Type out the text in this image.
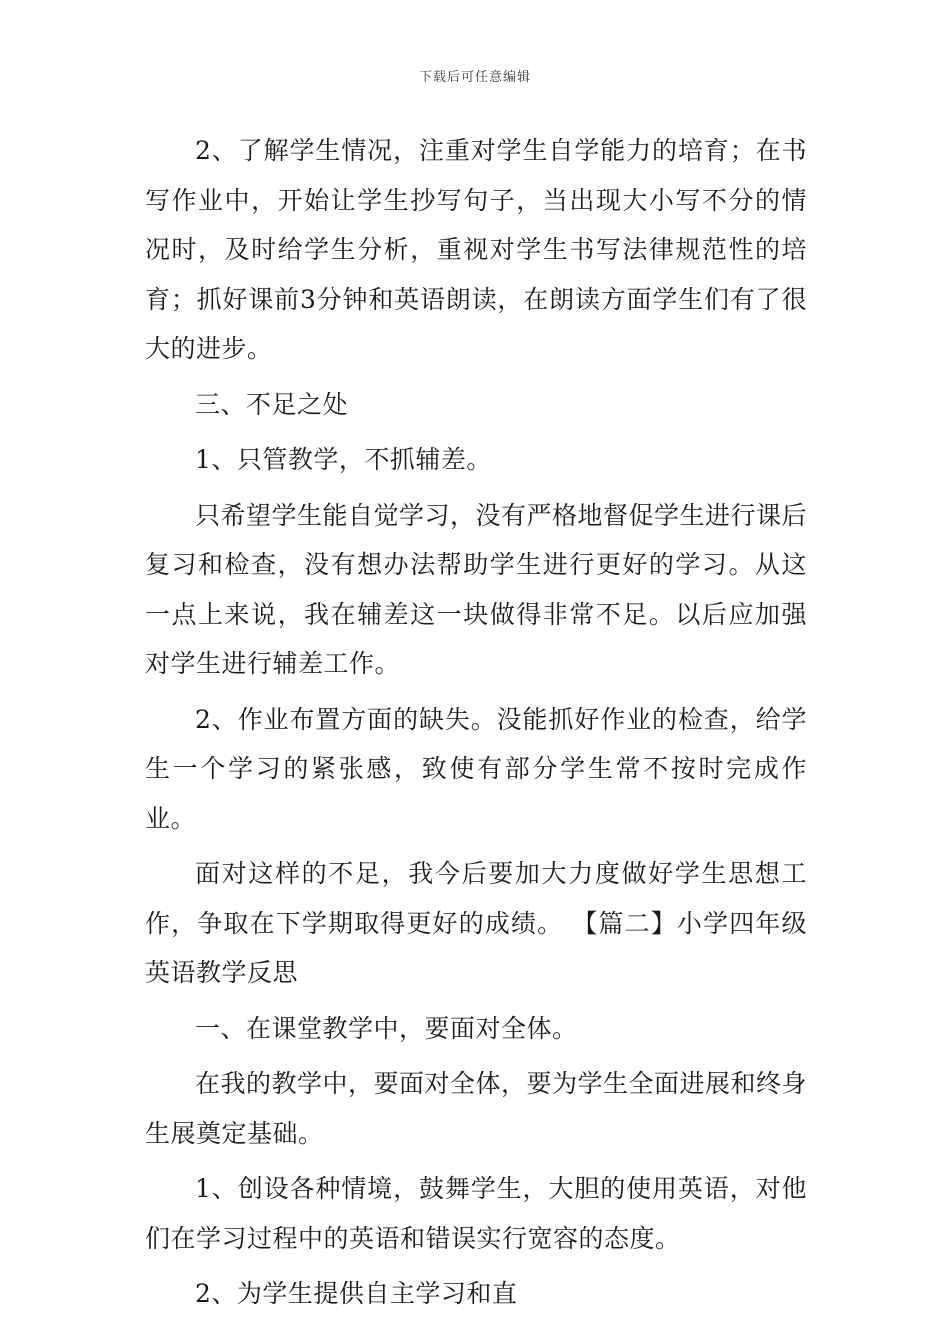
下载后可任意编辑

2、了解学生情况，注重对学生自学能力的培育；在书写作业中，开始让学生抄写句子，当出现大小写不分的情况时，及时给学生分析，重视对学生书写法律规范性的培育；抓好课前3分钟和英语朗读，在朗读方面学生们有了很大的进步。

三、不足之处

1、只管教学，不抓辅差。

只希望学生能自觉学习，没有严格地督促学生进行课后复习和检查，没有想办法帮助学生进行更好的学习。从这一点上来说，我在辅差这一块做得非常不足。以后应加强对学生进行辅差工作。

2、作业布置方面的缺失。没能抓好作业的检查，给学生一个学习的紧张感，致使有部分学生常不按时完成作业。

面对这样的不足，我今后要加大力度做好学生思想工作，争取在下学期取得更好的成绩。 【篇二】小学四年级英语教学反思

一、在课堂教学中，要面对全体。

在我的教学中，要面对全体，要为学生全面进展和终身生展奠定基础。

1、创设各种情境，鼓舞学生，大胆的使用英语，对他们在学习过程中的英语和错误实行宽容的态度。

2、为学生提供自主学习和直
